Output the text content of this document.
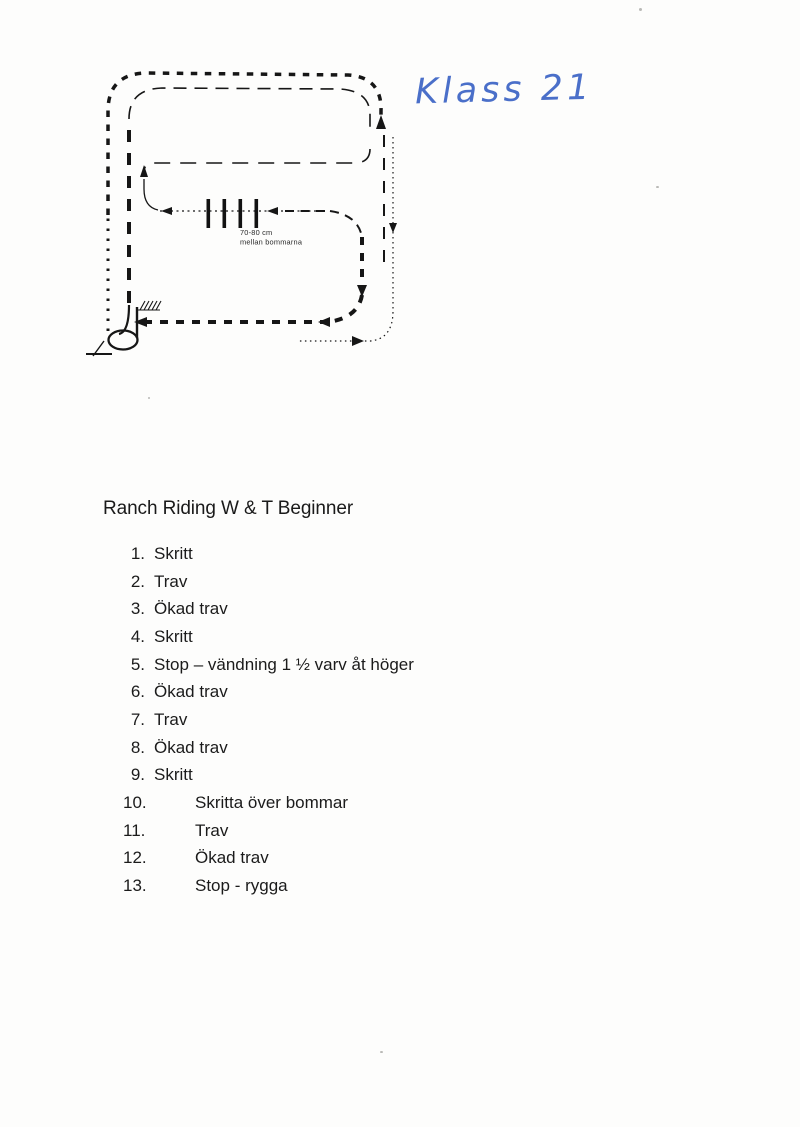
70-80 cm
mellan bommarna
Klass 21
Ranch Riding W & T Beginner
1. Skritt
2. Trav
3. Ökad trav
4. Skritt
5. Stop – vändning 1 ½ varv åt höger
6. Ökad trav
7. Trav
8. Ökad trav
9. Skritt
10.	Skritta över bommar
11.	Trav
12.	Ökad trav
13.	Stop - rygga
